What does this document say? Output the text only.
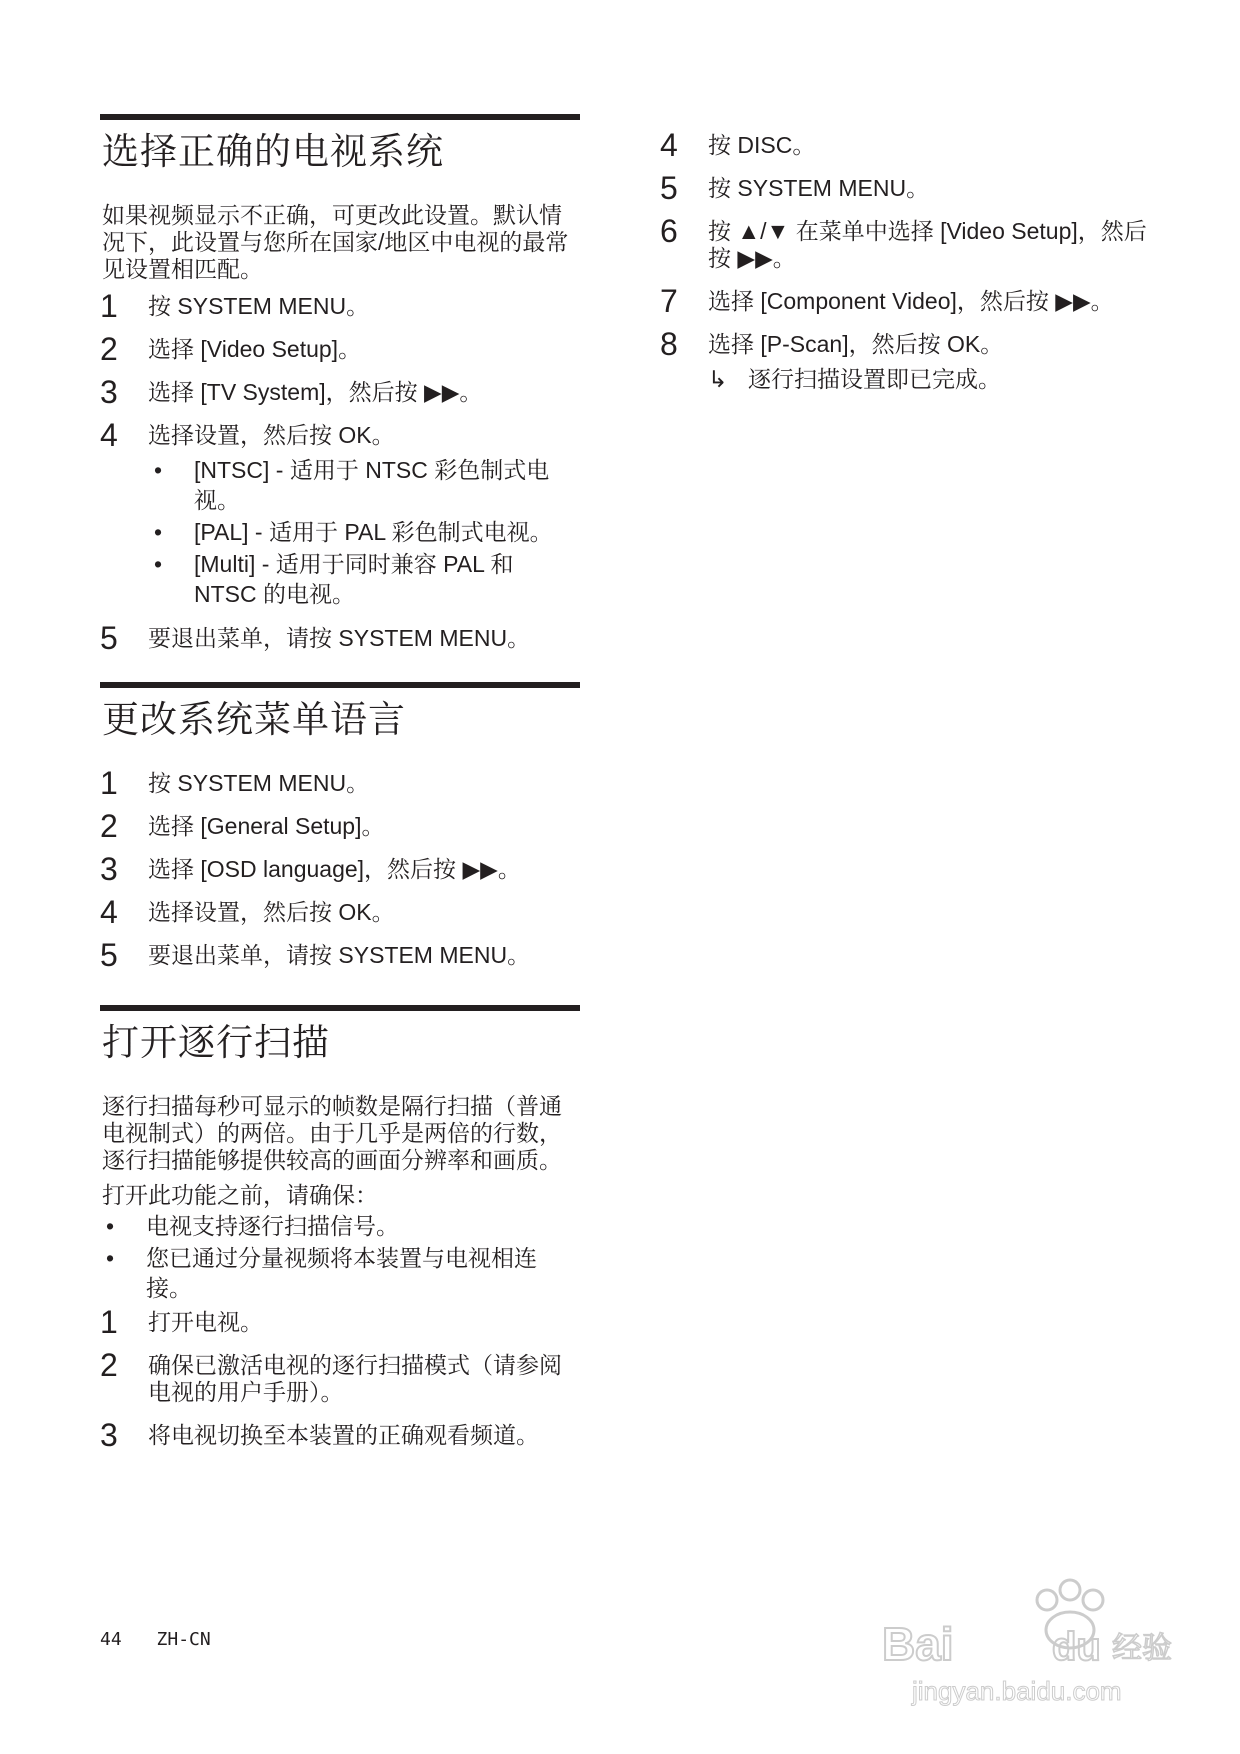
选择正确的电视系统

如果视频显示不正确，可更改此设置。默认情况下，此设置与您所在国家/地区中电视的最常见设置相匹配。

1 按 SYSTEM MENU。
2 选择 [Video Setup]。
3 选择 [TV System]，然后按 ▶▶。
4 选择设置，然后按 OK。
• [NTSC] - 适用于 NTSC 彩色制式电视。
• [PAL] - 适用于 PAL 彩色制式电视。
• [Multi] - 适用于同时兼容 PAL 和 NTSC 的电视。
5 要退出菜单，请按 SYSTEM MENU。
更改系统菜单语言
1 按 SYSTEM MENU。
2 选择 [General Setup]。
3 选择 [OSD language]，然后按 ▶▶。
4 选择设置，然后按 OK。
5 要退出菜单，请按 SYSTEM MENU。
打开逐行扫描

逐行扫描每秒可显示的帧数是隔行扫描（普通电视制式）的两倍。由于几乎是两倍的行数，逐行扫描能够提供较高的画面分辨率和画质。

打开此功能之前，请确保：

• 电视支持逐行扫描信号。
• 您已通过分量视频将本装置与电视相连接。
1 打开电视。
2 确保已激活电视的逐行扫描模式（请参阅电视的用户手册）。
3 将电视切换至本装置的正确观看频道。
4 按 DISC。
5 按 SYSTEM MENU。
6 按 ▲/▼ 在菜单中选择 [Video Setup]，然后按 ▶▶。
7 选择 [Component Video]，然后按 ▶▶。
8 选择 [P-Scan]，然后按 OK。
↳ 逐行扫描设置即已完成。
44 ZH-CN	Bai du 经验
jingyan.baidu.com
